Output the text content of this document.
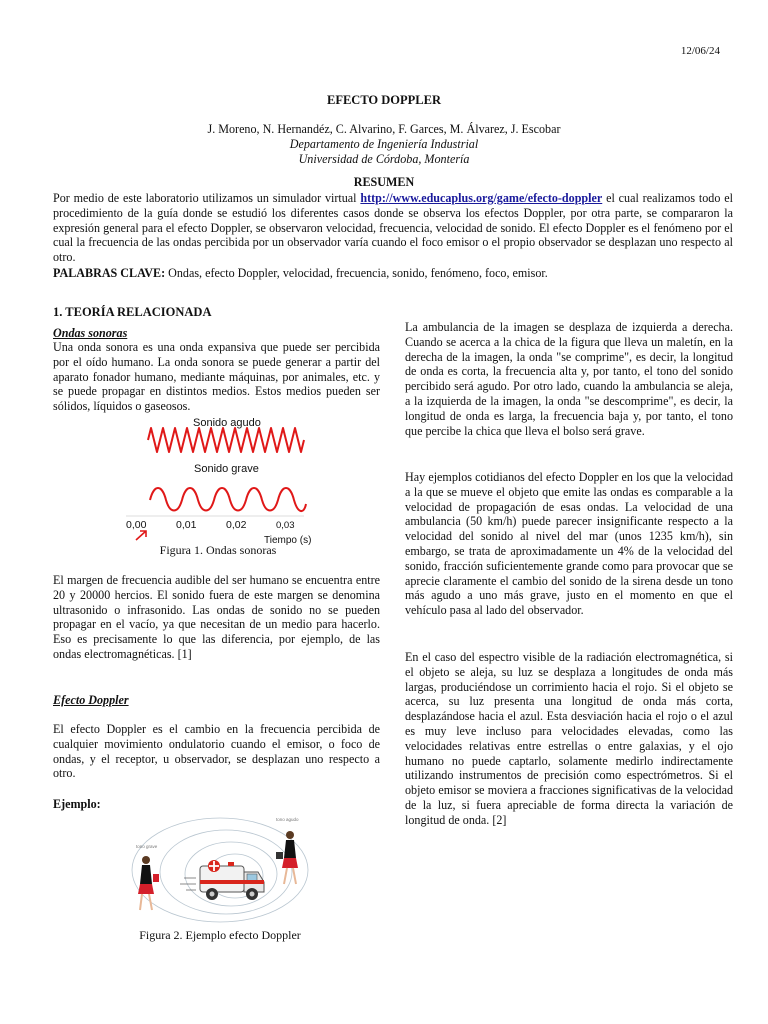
12/06/24
EFECTO DOPPLER
J. Moreno, N. Hernandéz, C. Alvarino, F. Garces, M. Álvarez, J. Escobar
Departamento de Ingeniería Industrial
Universidad de Córdoba, Montería
RESUMEN
Por medio de este laboratorio utilizamos un simulador virtual http://www.educaplus.org/game/efecto-doppler el cual realizamos todo el procedimiento de la guía donde se estudió los diferentes casos donde se observa los efectos Doppler, por otra parte, se compararon la expresión general para el efecto Doppler, se observaron velocidad, frecuencia, velocidad de sonido. El efecto Doppler es el fenómeno por el cual la frecuencia de las ondas percibida por un observador varía cuando el foco emisor o el propio observador se desplazan uno respecto al otro.
PALABRAS CLAVE: Ondas, efecto Doppler, velocidad, frecuencia, sonido, fenómeno, foco, emisor.
1. TEORÍA RELACIONADA
Ondas sonoras
Una onda sonora es una onda expansiva que puede ser percibida por el oído humano. La onda sonora se puede generar a partir del aparato fonador humano, mediante máquinas, por animales, etc. y se puede propagar en distintos medios. Estos medios pueden ser sólidos, líquidos o gaseosos.
Sonido agudo
Sonido grave
0,00	0,01	0,02	0,03
Tiempo (s)
Figura 1. Ondas sonoras
El margen de frecuencia audible del ser humano se encuentra entre 20 y 20000 hercios. El sonido fuera de este margen se denomina ultrasonido o infrasonido. Las ondas de sonido no se pueden propagar en el vacío, ya que necesitan de un medio para hacerlo. Eso es precisamente lo que las diferencia, por ejemplo, de las ondas electromagnéticas. [1]
Efecto Doppler
El efecto Doppler es el cambio en la frecuencia percibida de cualquier movimiento ondulatorio cuando el emisor, o foco de ondas, y el receptor, u observador, se desplazan uno respecto a otro.
Ejemplo:
tono grave
tono agudo
Figura 2. Ejemplo efecto Doppler
La ambulancia de la imagen se desplaza de izquierda a derecha. Cuando se acerca a la chica de la figura que lleva un maletín, en la derecha de la imagen, la onda "se comprime", es decir, la longitud de onda es corta, la frecuencia alta y, por tanto, el tono del sonido percibido será agudo. Por otro lado, cuando la ambulancia se aleja, a la izquierda de la imagen, la onda "se descomprime", es decir, la longitud de onda es larga, la frecuencia baja y, por tanto, el tono que percibe la chica que lleva el bolso será grave.
Hay ejemplos cotidianos del efecto Doppler en los que la velocidad a la que se mueve el objeto que emite las ondas es comparable a la velocidad de propagación de esas ondas. La velocidad de una ambulancia (50 km/h) puede parecer insignificante respecto a la velocidad del sonido al nivel del mar (unos 1235 km/h), sin embargo, se trata de aproximadamente un 4% de la velocidad del sonido, fracción suficientemente grande como para provocar que se aprecie claramente el cambio del sonido de la sirena desde un tono más agudo a uno más grave, justo en el momento en que el vehículo pasa al lado del observador.
En el caso del espectro visible de la radiación electromagnética, si el objeto se aleja, su luz se desplaza a longitudes de onda más largas, produciéndose un corrimiento hacia el rojo. Si el objeto se acerca, su luz presenta una longitud de onda más corta, desplazándose hacia el azul. Esta desviación hacia el rojo o el azul es muy leve incluso para velocidades elevadas, como las velocidades relativas entre estrellas o entre galaxias, y el ojo humano no puede captarlo, solamente medirlo indirectamente utilizando instrumentos de precisión como espectrómetros. Si el objeto emisor se moviera a fracciones significativas de la velocidad de la luz, si fuera apreciable de forma directa la variación de longitud de onda. [2]
